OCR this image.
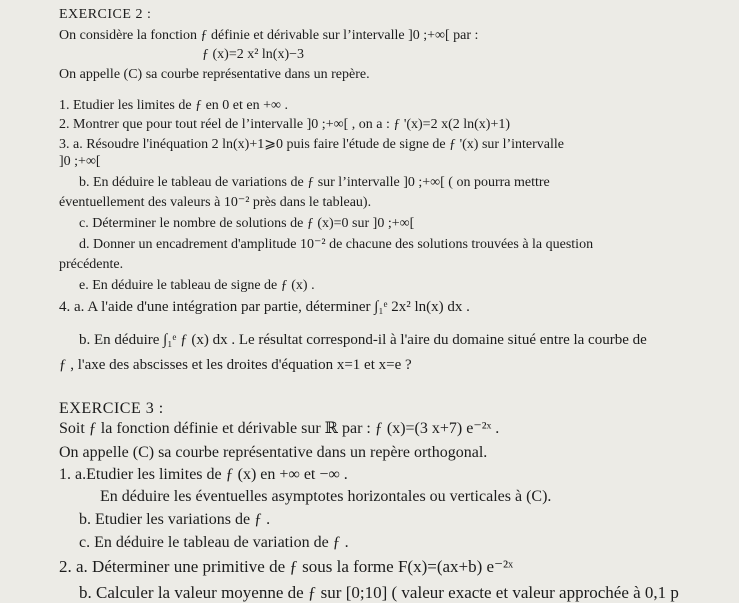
EXERCICE 2 :
On considère la fonction ƒ définie et dérivable sur l’intervalle ]0 ;+∞[ par :
ƒ (x)=2 x² ln(x)−3
On appelle (C) sa courbe représentative dans un repère.
1. Etudier les limites de ƒ en 0 et en +∞ .
2. Montrer que pour tout réel de l’intervalle ]0 ;+∞[ , on a : ƒ '(x)=2 x(2 ln(x)+1)
3. a. Résoudre l'inéquation 2 ln(x)+1⩾0 puis faire l'étude de signe de ƒ '(x) sur l’intervalle
]0 ;+∞[
b. En déduire le tableau de variations de ƒ sur l’intervalle ]0 ;+∞[ ( on pourra mettre
éventuellement des valeurs à 10⁻² près dans le tableau).
c. Déterminer le nombre de solutions de ƒ (x)=0 sur ]0 ;+∞[
d. Donner un encadrement d'amplitude 10⁻² de chacune des solutions trouvées à la question
précédente.
e. En déduire le tableau de signe de ƒ (x) .
4. a. A l'aide d'une intégration par partie, déterminer ∫₁ᵉ 2x² ln(x) dx .
b. En déduire ∫₁ᵉ ƒ (x) dx . Le résultat correspond-il à l'aire du domaine situé entre la courbe de
ƒ , l'axe des abscisses et les droites d'équation x=1 et x=e ?
EXERCICE 3 :
Soit ƒ la fonction définie et dérivable sur ℝ par : ƒ (x)=(3 x+7) e⁻²ˣ .
On appelle (C) sa courbe représentative dans un repère orthogonal.
1. a.Etudier les limites de ƒ (x) en +∞ et −∞ .
En déduire les éventuelles asymptotes horizontales ou verticales à (C).
b. Etudier les variations de ƒ .
c. En déduire le tableau de variation de ƒ .
2. a. Déterminer une primitive de ƒ sous la forme F(x)=(ax+b) e⁻²ˣ
b. Calculer la valeur moyenne de ƒ sur [0;10] ( valeur exacte et valeur approchée à 0,1 p
